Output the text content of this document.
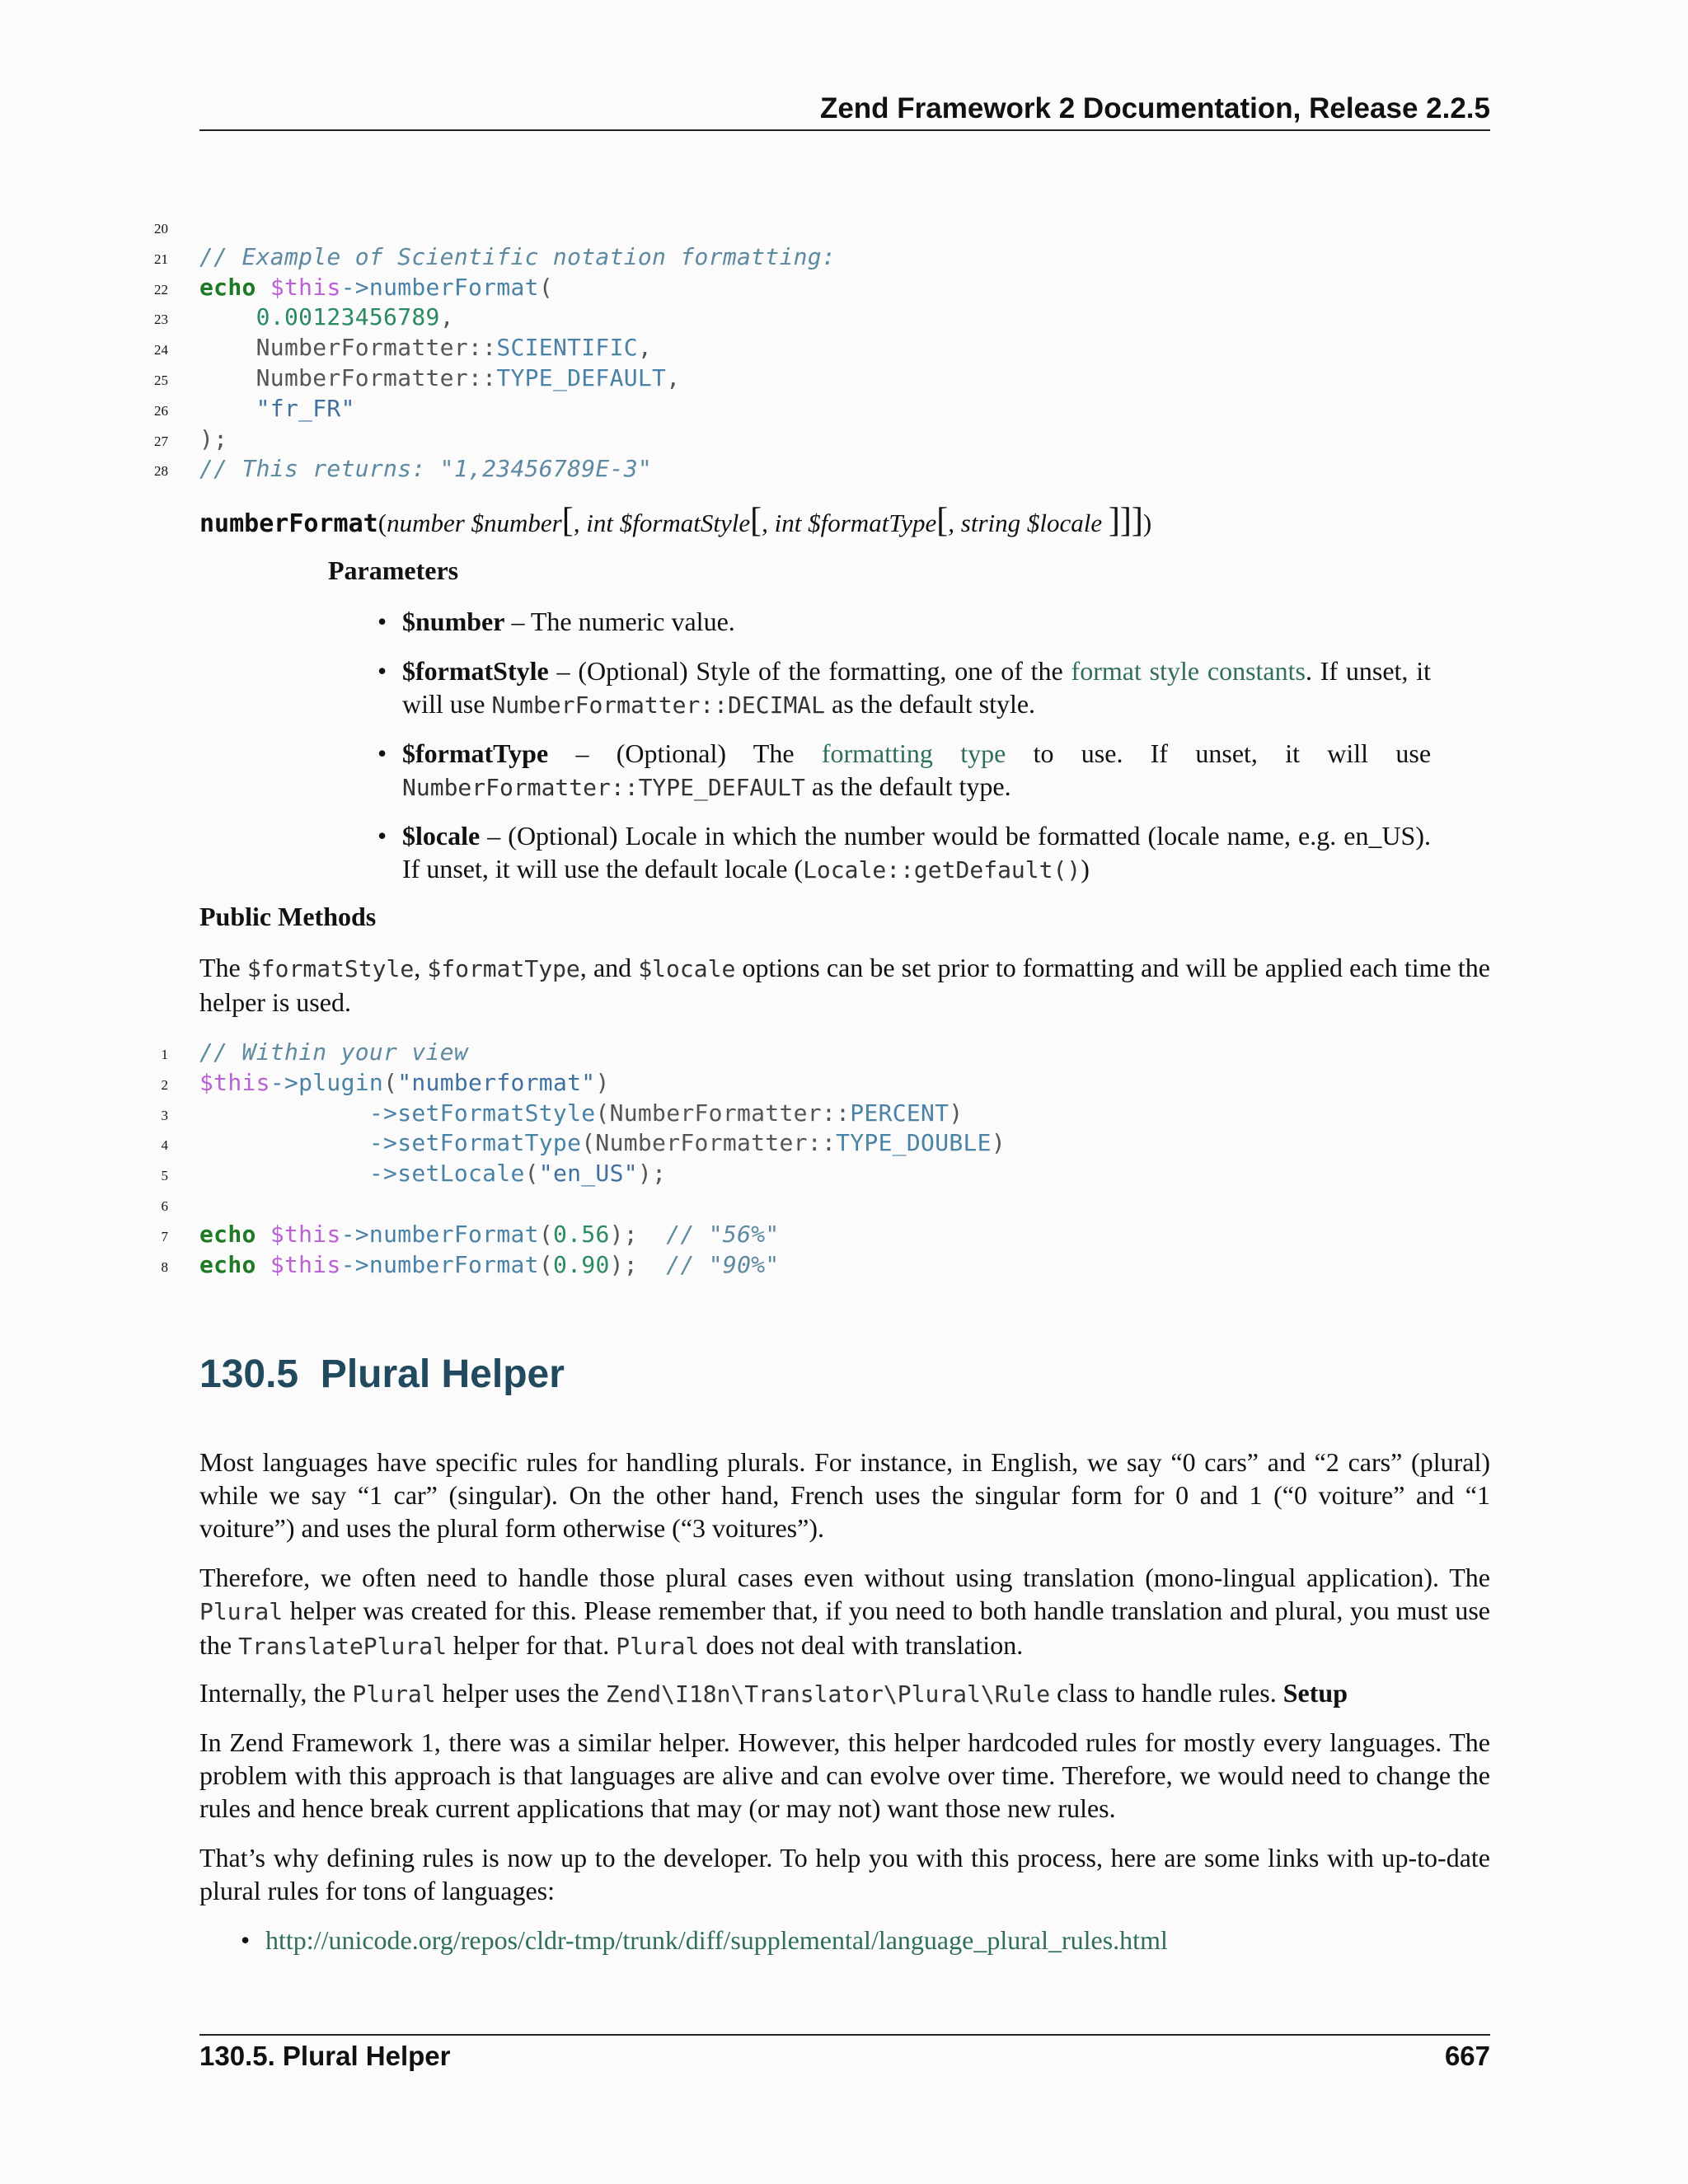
Zend Framework 2 Documentation, Release 2.2.5
20
21 // Example of Scientific notation formatting:
22 echo $this->numberFormat(
23	0.00123456789,
24 NumberFormatter::SCIENTIFIC,
25 NumberFormatter::TYPE_DEFAULT,
26	"fr_FR"
27 );
28 // This returns: "1,23456789E-3"
numberFormat(number $number[, int $formatStyle[, int $formatType[, string $locale ]]])
Parameters
• $number – The numeric value.
• $formatStyle – (Optional) Style of the formatting, one of the format style constants. If unset, it will use NumberFormatter::DECIMAL as the default style.
• $formatType – (Optional) The formatting type to use. If unset, it will use NumberFormatter::TYPE_DEFAULT as the default type.
• $locale – (Optional) Locale in which the number would be formatted (locale name, e.g. en_US). If unset, it will use the default locale (Locale::getDefault())
Public Methods
The $formatStyle, $formatType, and $locale options can be set prior to formatting and will be applied each time the helper is used.
1 // Within your view
2 $this->plugin("numberformat")
3	->setFormatStyle(NumberFormatter::PERCENT)
4	->setFormatType(NumberFormatter::TYPE_DOUBLE)
5	->setLocale("en_US");
6
7 echo $this->numberFormat(0.56);  // "56%"
8 echo $this->numberFormat(0.90);  // "90%"
130.5 Plural Helper
Most languages have specific rules for handling plurals. For instance, in English, we say “0 cars” and “2 cars” (plural) while we say “1 car” (singular). On the other hand, French uses the singular form for 0 and 1 (“0 voiture” and “1 voiture”) and uses the plural form otherwise (“3 voitures”).
Therefore, we often need to handle those plural cases even without using translation (mono-lingual application). The Plural helper was created for this. Please remember that, if you need to both handle translation and plural, you must use the TranslatePlural helper for that. Plural does not deal with translation.
Internally, the Plural helper uses the Zend\I18n\Translator\Plural\Rule class to handle rules. Setup
In Zend Framework 1, there was a similar helper. However, this helper hardcoded rules for mostly every languages. The problem with this approach is that languages are alive and can evolve over time. Therefore, we would need to change the rules and hence break current applications that may (or may not) want those new rules.
That’s why defining rules is now up to the developer. To help you with this process, here are some links with up-to-date plural rules for tons of languages:
• http://unicode.org/repos/cldr-tmp/trunk/diff/supplemental/language_plural_rules.html
130.5. Plural Helper	667
